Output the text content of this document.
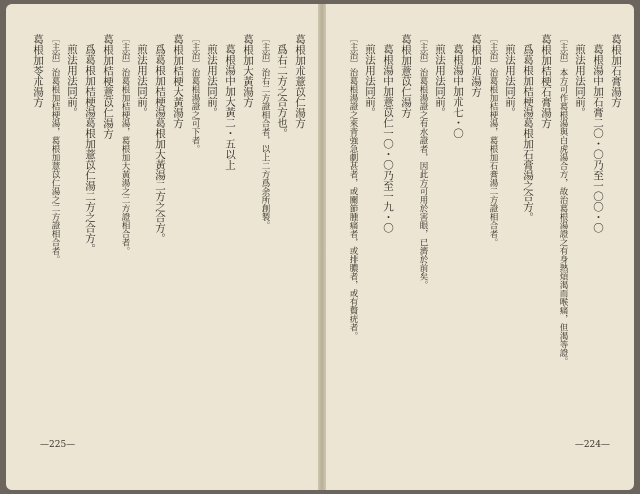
葛根加朮薏苡仁湯方
爲右二方之合方也。
〔主治〕治右二方證相合者，以上二方爲余所創製。
葛根加大黃湯方
葛根湯中加大黃二・五以上
煎法用法同前。
〔主治〕治葛根湯證之可下者。
葛根加桔梗大黃湯方
爲葛根加桔梗湯葛根加大黃湯二方之合方。
煎法用法同前。
〔主治〕治葛根加桔梗湯，葛根加大黃湯之二方證相合者。
葛根加桔梗薏苡仁湯方
爲葛根加桔梗湯葛根加薏苡仁湯二方之合方。
煎法用法同前。
〔主治〕治葛根加桔梗湯，葛根加薏苡仁湯之二方證相合者。
葛根加苓朮湯方
—225—
葛根加石膏湯方
葛根湯中加石膏二〇・〇乃至一〇〇・〇
煎法用法同前。
〔主治〕本方可作葛根湯與白虎湯合方，故治葛根湯證之有身熱煩渴而喉痛，但渴等證。
葛根加桔梗石膏湯方
爲葛根加桔梗湯葛根加石膏湯之合方。
煎法用法同前。
〔主治〕治葛根加桔梗湯，葛根加石膏湯二方證相合者。
葛根加朮湯方
葛根湯中加朮七・〇
煎法用法同前。
〔主治〕治葛根湯證之有水證者，因此方可用於害眼，已濟於前矣。
葛根加薏苡仁湯方
葛根湯中加薏苡仁一〇・〇乃至一九・〇
煎法用法同前。
〔主治〕治葛根湯證之來背強急劇甚者，或關節腫痛者，或排膿者，或有贅疣者。
—224—
